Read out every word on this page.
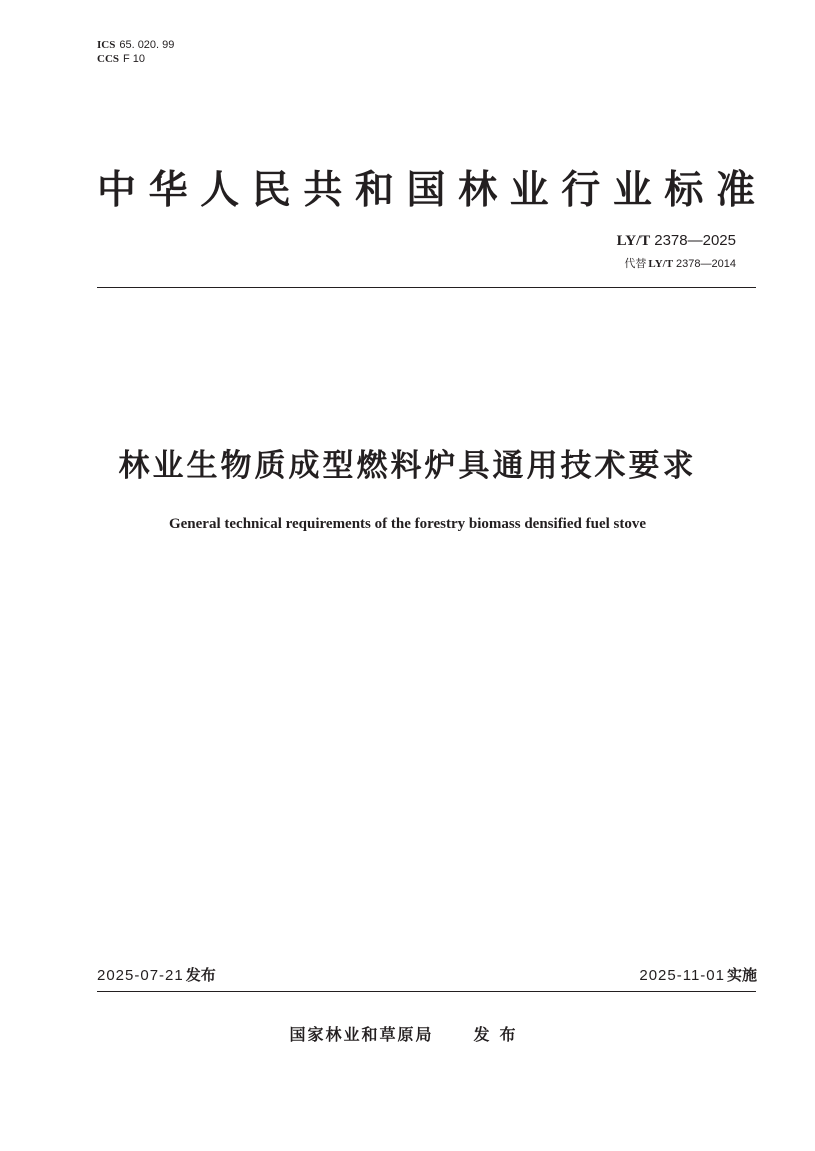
ICS 65. 020. 99
CCS F 10
中华人民共和国林业行业标准
LY/T 2378—2025
代替 LY/T 2378—2014
林业生物质成型燃料炉具通用技术要求
General technical requirements of the forestry biomass densified fuel stove
2025-07-21 发布	2025-11-01 实施
国家林业和草原局	发布
